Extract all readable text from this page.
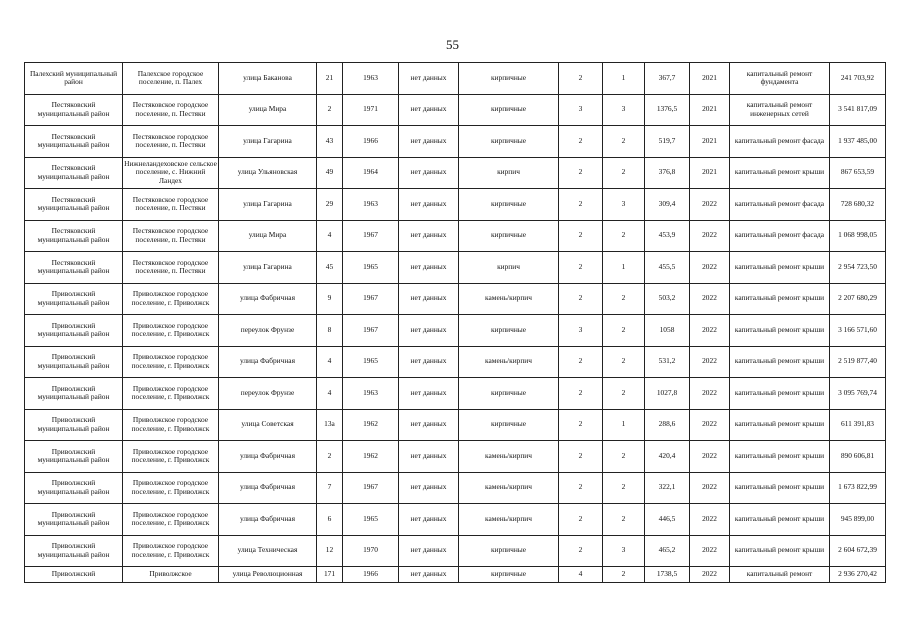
55
Палехский муниципальный район	Палехское городское поселение, п. Палех	улица Баканова	21	1963	нет данных	кирпичные	2	1	367,7	2021	капитальный ремонт фундамента	241 703,92
Пестяковский муниципальный район	Пестяковское городское поселение, п. Пестяки	улица Мира	2	1971	нет данных	кирпичные	3	3	1376,5	2021	капитальный ремонт инженерных сетей	3 541 817,09
Пестяковский муниципальный район	Пестяковское городское поселение, п. Пестяки	улица Гагарина	43	1966	нет данных	кирпичные	2	2	519,7	2021	капитальный ремонт фасада	1 937 485,00
Пестяковский муниципальный район	Нижнеландеховское сельское поселение, с. Нижний Ландех	улица Ульяновская	49	1964	нет данных	кирпич	2	2	376,8	2021	капитальный ремонт крыши	867 653,59
Пестяковский муниципальный район	Пестяковское городское поселение, п. Пестяки	улица Гагарина	29	1963	нет данных	кирпичные	2	3	309,4	2022	капитальный ремонт фасада	728 680,32
Пестяковский муниципальный район	Пестяковское городское поселение, п. Пестяки	улица Мира	4	1967	нет данных	кирпичные	2	2	453,9	2022	капитальный ремонт фасада	1 068 998,05
Пестяковский муниципальный район	Пестяковское городское поселение, п. Пестяки	улица Гагарина	45	1965	нет данных	кирпич	2	1	455,5	2022	капитальный ремонт крыши	2 954 723,50
Приволжский муниципальный район	Приволжское городское поселение, г. Приволжск	улица Фабричная	9	1967	нет данных	камень/кирпич	2	2	503,2	2022	капитальный ремонт крыши	2 207 680,29
Приволжский муниципальный район	Приволжское городское поселение, г. Приволжск	переулок Фрунзе	8	1967	нет данных	кирпичные	3	2	1058	2022	капитальный ремонт крыши	3 166 571,60
Приволжский муниципальный район	Приволжское городское поселение, г. Приволжск	улица Фабричная	4	1965	нет данных	камень/кирпич	2	2	531,2	2022	капитальный ремонт крыши	2 519 877,40
Приволжский муниципальный район	Приволжское городское поселение, г. Приволжск	переулок Фрунзе	4	1963	нет данных	кирпичные	2	2	1027,8	2022	капитальный ремонт крыши	3 095 769,74
Приволжский муниципальный район	Приволжское городское поселение, г. Приволжск	улица Советская	13а	1962	нет данных	кирпичные	2	1	288,6	2022	капитальный ремонт крыши	611 391,83
Приволжский муниципальный район	Приволжское городское поселение, г. Приволжск	улица Фабричная	2	1962	нет данных	камень/кирпич	2	2	420,4	2022	капитальный ремонт крыши	890 606,81
Приволжский муниципальный район	Приволжское городское поселение, г. Приволжск	улица Фабричная	7	1967	нет данных	камень/кирпич	2	2	322,1	2022	капитальный ремонт крыши	1 673 822,99
Приволжский муниципальный район	Приволжское городское поселение, г. Приволжск	улица Фабричная	6	1965	нет данных	камень/кирпич	2	2	446,5	2022	капитальный ремонт крыши	945 899,00
Приволжский муниципальный район	Приволжское городское поселение, г. Приволжск	улица Техническая	12	1970	нет данных	кирпичные	2	3	465,2	2022	капитальный ремонт крыши	2 604 672,39
Приволжский	Приволжское	улица Революционная	171	1966	нет данных	кирпичные	4	2	1738,5	2022	капитальный ремонт	2 936 270,42
